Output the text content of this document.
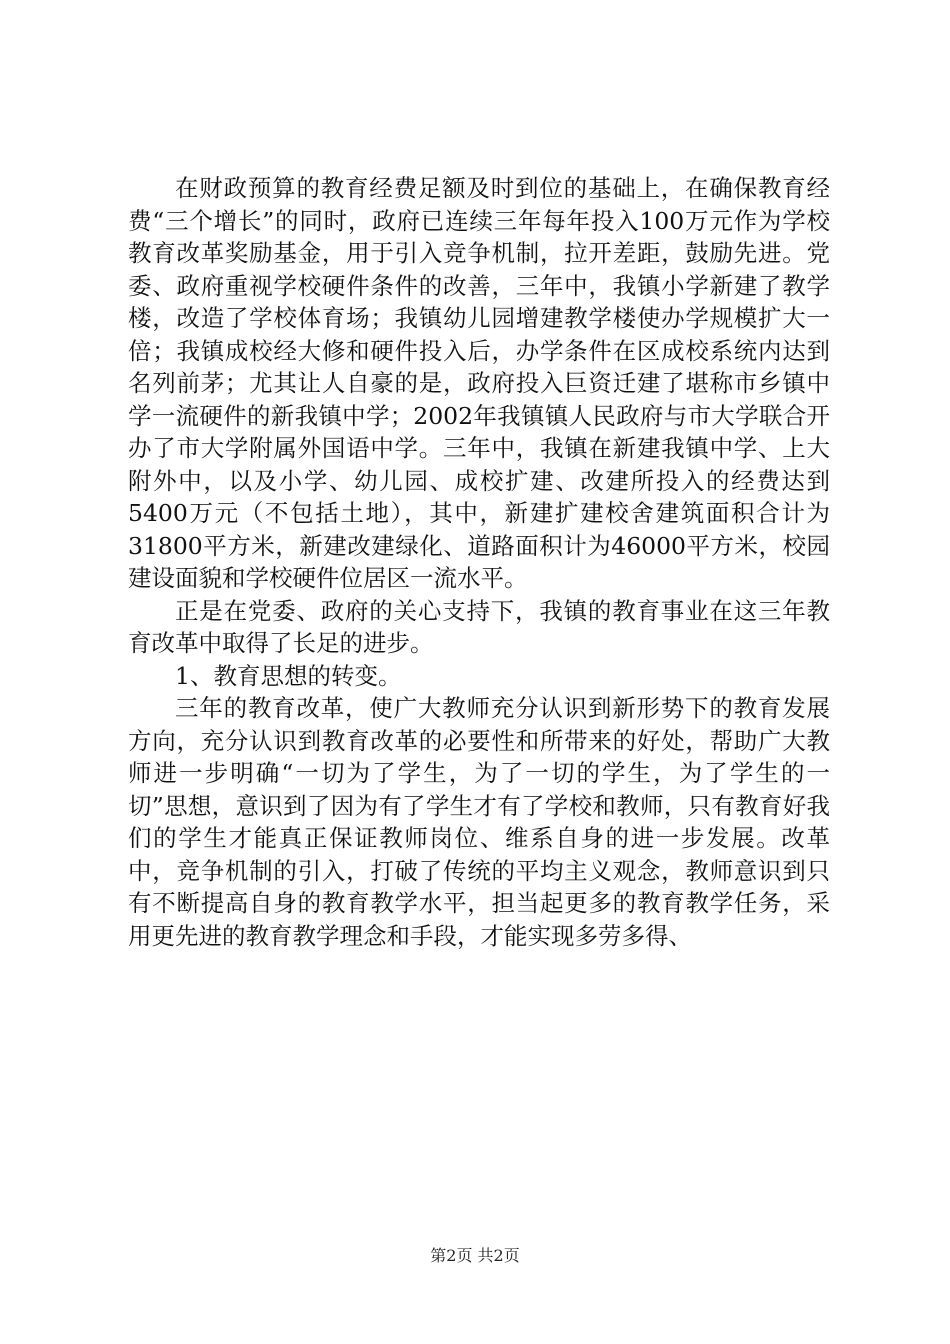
在财政预算的教育经费足额及时到位的基础上，在确保教育经费“三个增长”的同时，政府已连续三年每年投入100万元作为学校教育改革奖励基金，用于引入竞争机制，拉开差距，鼓励先进。党委、政府重视学校硬件条件的改善，三年中，我镇小学新建了教学楼，改造了学校体育场；我镇幼儿园增建教学楼使办学规模扩大一倍；我镇成校经大修和硬件投入后，办学条件在区成校系统内达到名列前茅；尤其让人自豪的是，政府投入巨资迁建了堪称市乡镇中学一流硬件的新我镇中学；2002年我镇镇人民政府与市大学联合开办了市大学附属外国语中学。三年中，我镇在新建我镇中学、上大附外中，以及小学、幼儿园、成校扩建、改建所投入的经费达到5400万元（不包括土地），其中，新建扩建校舍建筑面积合计为31800平方米，新建改建绿化、道路面积计为46000平方米，校园建设面貌和学校硬件位居区一流水平。

正是在党委、政府的关心支持下，我镇的教育事业在这三年教育改革中取得了长足的进步。

1、教育思想的转变。

三年的教育改革，使广大教师充分认识到新形势下的教育发展方向，充分认识到教育改革的必要性和所带来的好处，帮助广大教师进一步明确“一切为了学生，为了一切的学生，为了学生的一切”思想，意识到了因为有了学生才有了学校和教师，只有教育好我们的学生才能真正保证教师岗位、维系自身的进一步发展。改革中，竞争机制的引入，打破了传统的平均主义观念，教师意识到只有不断提高自身的教育教学水平，担当起更多的教育教学任务，采用更先进的教育教学理念和手段，才能实现多劳多得、

第2页 共2页
